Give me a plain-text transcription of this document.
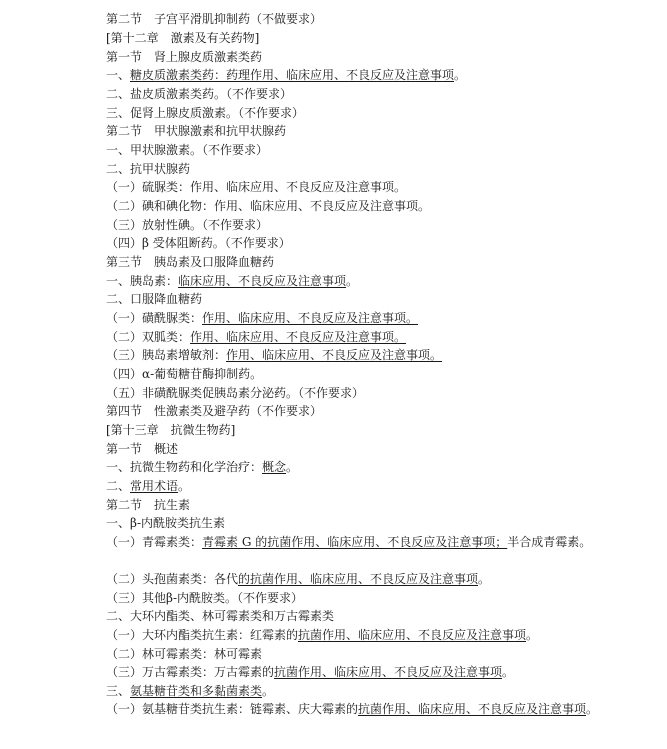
第二节　子宫平滑肌抑制药（不做要求）
[第十二章　激素及有关药物]
第一节　肾上腺皮质激素类药
一、糖皮质激素类药：药理作用、临床应用、不良反应及注意事项。
二、盐皮质激素类药。（不作要求）
三、促肾上腺皮质激素。（不作要求）
第二节　甲状腺激素和抗甲状腺药
一、甲状腺激素。（不作要求）
二、抗甲状腺药
（一）硫脲类：作用、临床应用、不良反应及注意事项。
（二）碘和碘化物：作用、临床应用、不良反应及注意事项。
（三）放射性碘。（不作要求）
（四）β 受体阻断药。（不作要求）
第三节　胰岛素及口服降血糖药
一、胰岛素：临床应用、不良反应及注意事项。
二、口服降血糖药
（一）磺酰脲类：作用、临床应用、不良反应及注意事项。
（二）双胍类：作用、临床应用、不良反应及注意事项。
（三）胰岛素增敏剂：作用、临床应用、不良反应及注意事项。
（四）α-葡萄糖苷酶抑制药。
（五）非磺酰脲类促胰岛素分泌药。（不作要求）
第四节　性激素类及避孕药（不作要求）
[第十三章　抗微生物药]
第一节　概述
一、抗微生物药和化学治疗：概念。
二、常用术语。
第二节　抗生素
一、β-内酰胺类抗生素
（一）青霉素类：青霉素 G 的抗菌作用、临床应用、不良反应及注意事项；半合成青霉素。
（二）头孢菌素类：各代的抗菌作用、临床应用、不良反应及注意事项。
（三）其他β-内酰胺类。（不作要求）
二、大环内酯类、林可霉素类和万古霉素类
（一）大环内酯类抗生素：红霉素的抗菌作用、临床应用、不良反应及注意事项。
（二）林可霉素类：林可霉素
（三）万古霉素类：万古霉素的抗菌作用、临床应用、不良反应及注意事项。
三、氨基糖苷类和多黏菌素类。
（一）氨基糖苷类抗生素：链霉素、庆大霉素的抗菌作用、临床应用、不良反应及注意事项。
